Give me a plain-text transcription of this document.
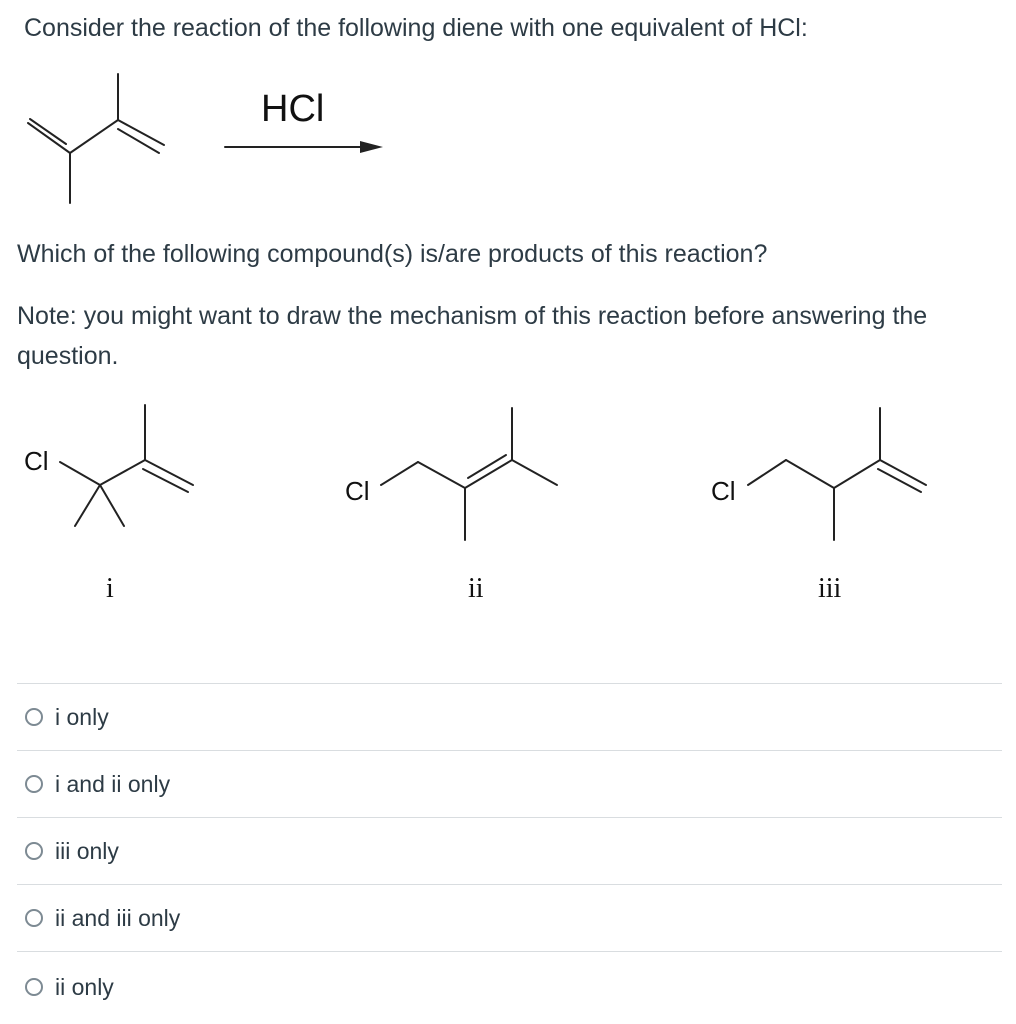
Consider the reaction of the following diene with one equivalent of HCl:

HCl

Which of the following compound(s) is/are products of this reaction?

Note: you might want to draw the mechanism of this reaction before answering the question.

Cl
i
Cl
ii
Cl
iii
i only
i and ii only
iii only
ii and iii only
ii only
